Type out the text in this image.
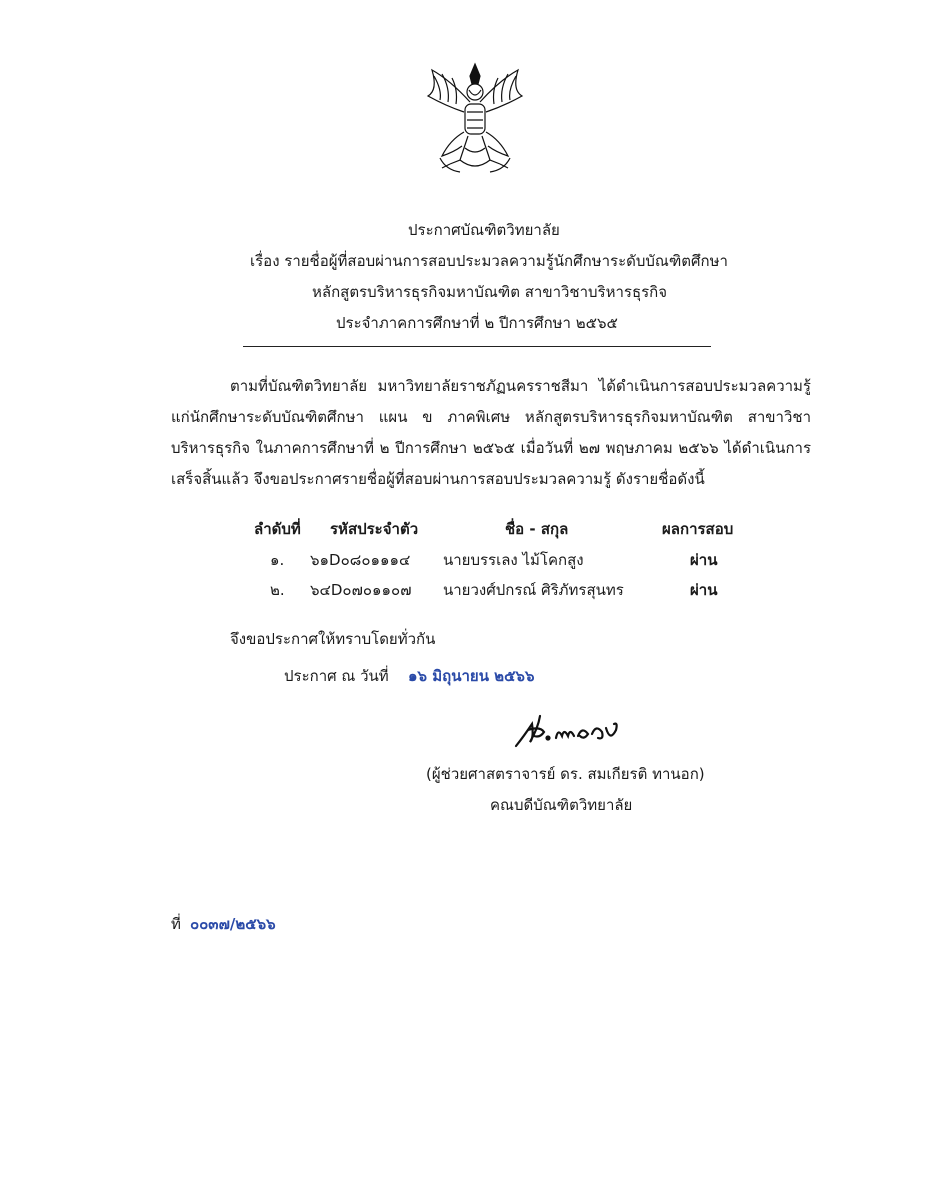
ประกาศบัณฑิตวิทยาลัย
เรื่อง รายชื่อผู้ที่สอบผ่านการสอบประมวลความรู้นักศึกษาระดับบัณฑิตศึกษา
หลักสูตรบริหารธุรกิจมหาบัณฑิต สาขาวิชาบริหารธุรกิจ
ประจำภาคการศึกษาที่ ๒ ปีการศึกษา ๒๕๖๕
ตามที่บัณฑิตวิทยาลัย มหาวิทยาลัยราชภัฏนครราชสีมา ได้ดำเนินการสอบประมวลความรู้
แก่นักศึกษาระดับบัณฑิตศึกษา แผน ข ภาคพิเศษ หลักสูตรบริหารธุรกิจมหาบัณฑิต สาขาวิชา
บริหารธุรกิจ ในภาคการศึกษาที่ ๒ ปีการศึกษา ๒๕๖๕ เมื่อวันที่ ๒๗ พฤษภาคม ๒๕๖๖ ได้ดำเนินการ
เสร็จสิ้นแล้ว จึงขอประกาศรายชื่อผู้ที่สอบผ่านการสอบประมวลความรู้ ดังรายชื่อดังนี้
ลำดับที่ รหัสประจำตัว	ชื่อ - สกุล	ผลการสอบ
๑. ๖๑D๐๘๐๑๑๑๔ นายบรรเลง ไม้โคกสูง	ผ่าน
๒. ๖๔D๐๗๐๑๑๐๗ นายวงศ์ปกรณ์ ศิริภัทรสุนทร	ผ่าน
จึงขอประกาศให้ทราบโดยทั่วกัน
ประกาศ ณ วันที่ ๑๖ มิถุนายน ๒๕๖๖
(ผู้ช่วยศาสตราจารย์ ดร. สมเกียรติ ทานอก)
คณบดีบัณฑิตวิทยาลัย
ที่ ๐๐๓๗/๒๕๖๖
